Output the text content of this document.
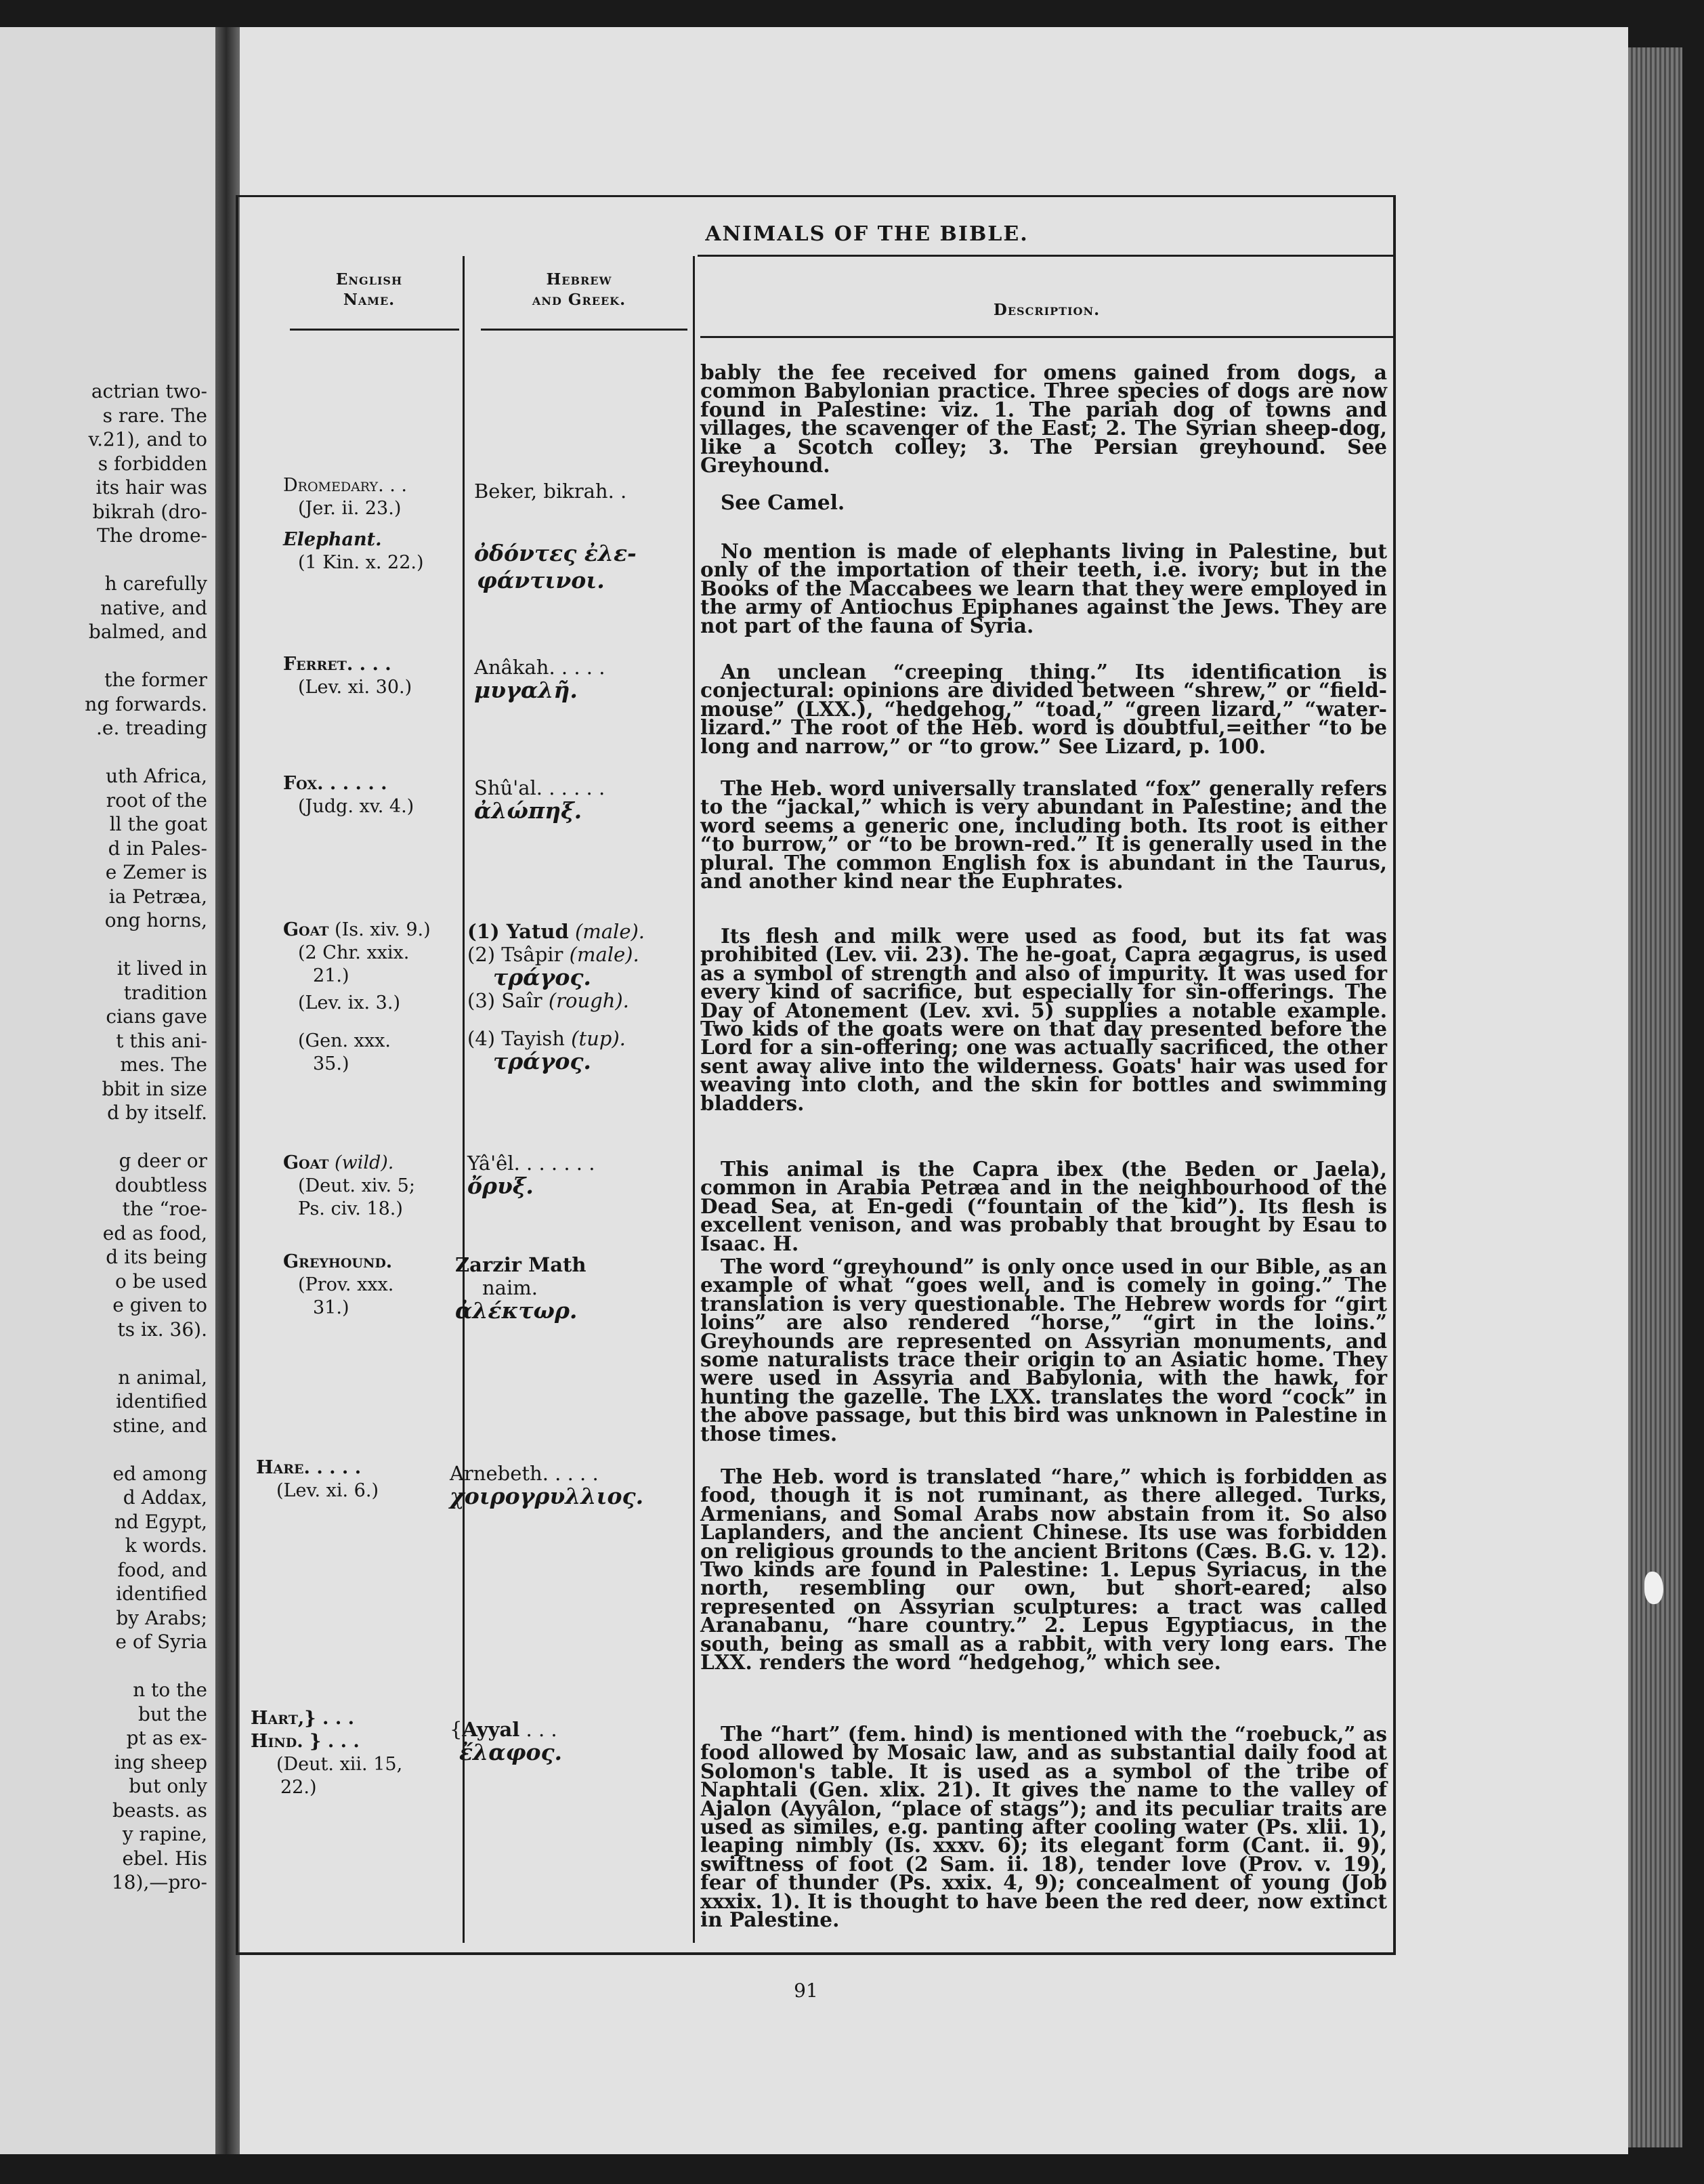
actrian two-
s rare. The
v.21), and to
s forbidden
its hair was
bikrah (dro-
The drome-
h carefully
native, and
balmed, and
the former
ng forwards.
.e. treading
uth Africa,
root of the
ll the goat
d in Pales-
e Zemer is
ia Petræa,
ong horns,
it lived in
tradition
cians gave
t this ani-
mes. The
bbit in size
d by itself.
g deer or
doubtless
the “roe-
ed as food,
d its being
o be used
e given to
ts ix. 36).
n animal,
identified
stine, and
ed among
d Addax,
nd Egypt,
k words.
food, and
identified
by Arabs;
e of Syria
n to the
but the
pt as ex-
ing sheep
but only
beasts. as
y rapine,
ebel. His
18),—pro-
ANIMALS OF THE BIBLE.
English
Name.
Hebrew
and Greek.
Description.
Dromedary. . .
(Jer. ii. 23.)
Elephant.
(1 Kin. x. 22.)
Ferret. . . .
(Lev. xi. 30.)
Fox. . . . . .
(Judg. xv. 4.)
Goat (Is. xiv. 9.)
(2 Chr. xxix.
21.)
(Lev. ix. 3.)
(Gen. xxx.
35.)
Goat (wild).
(Deut. xiv. 5;
Ps. civ. 18.)
Greyhound.
(Prov. xxx.
31.)
Hare. . . . .
(Lev. xi. 6.)
Hart,} . . .
Hind. } . . .
(Deut. xii. 15,
22.)
Beker, bikrah. .
ὀδόντες ἐλε-
φάντινοι.
Anâkah. . . . .
μυγαλῆ.
Shû'al. . . . . .
ἀλώπηξ.
(1) Yatud (male).
(2) Tsâpir (male).
τράγος.
(3) Saîr (rough).
(4) Tayish (tup).
τράγος.
Yâ'êl. . . . . . .
ὄρυξ.
Zarzir Math
naim.
ἀλέκτωρ.
Arnebeth. . . . .
χοιρογρυλλιος.
{Ayyal . . .
ἔλαφος.

bably the fee received for omens gained from dogs, a common Babylonian practice. Three species of dogs are now found in Palestine: viz. 1. The pariah dog of towns and villages, the scavenger of the East; 2. The Syrian sheep-dog, like a Scotch colley; 3. The Persian greyhound. See Greyhound.

See Camel.

No mention is made of elephants living in Palestine, but only of the importation of their teeth, i.e. ivory; but in the Books of the Maccabees we learn that they were employed in the army of Antiochus Epiphanes against the Jews. They are not part of the fauna of Syria.

An unclean “creeping thing.” Its identification is conjectural: opinions are divided between “shrew,” or “field-mouse” (LXX.), “hedgehog,” “toad,” “green lizard,” “water-lizard.” The root of the Heb. word is doubtful,=either “to be long and narrow,” or “to grow.” See Lizard, p. 100.

The Heb. word universally translated “fox” generally refers to the “jackal,” which is very abundant in Palestine; and the word seems a generic one, including both. Its root is either “to burrow,” or “to be brown-red.” It is generally used in the plural. The common English fox is abundant in the Taurus, and another kind near the Euphrates.

Its flesh and milk were used as food, but its fat was prohibited (Lev. vii. 23). The he-goat, Capra ægagrus, is used as a symbol of strength and also of impurity. It was used for every kind of sacrifice, but especially for sin-offerings. The Day of Atonement (Lev. xvi. 5) supplies a notable example. Two kids of the goats were on that day presented before the Lord for a sin-offering; one was actually sacrificed, the other sent away alive into the wilderness. Goats' hair was used for weaving into cloth, and the skin for bottles and swimming bladders.

This animal is the Capra ibex (the Beden or Jaela), common in Arabia Petræa and in the neighbourhood of the Dead Sea, at En-gedi (“fountain of the kid”). Its flesh is excellent venison, and was probably that brought by Esau to Isaac. H.

The word “greyhound” is only once used in our Bible, as an example of what “goes well, and is comely in going.” The translation is very questionable. The Hebrew words for “girt loins” are also rendered “horse,” “girt in the loins.” Greyhounds are represented on Assyrian monuments, and some naturalists trace their origin to an Asiatic home. They were used in Assyria and Babylonia, with the hawk, for hunting the gazelle. The LXX. translates the word “cock” in the above passage, but this bird was unknown in Palestine in those times.

The Heb. word is translated “hare,” which is forbidden as food, though it is not ruminant, as there alleged. Turks, Armenians, and Somal Arabs now abstain from it. So also Laplanders, and the ancient Chinese. Its use was forbidden on religious grounds to the ancient Britons (Cæs. B.G. v. 12). Two kinds are found in Palestine: 1. Lepus Syriacus, in the north, resembling our own, but short-eared; also represented on Assyrian sculptures: a tract was called Aranabanu, “hare country.” 2. Lepus Egyptiacus, in the south, being as small as a rabbit, with very long ears. The LXX. renders the word “hedgehog,” which see.

The “hart” (fem. hind) is mentioned with the “roebuck,” as food allowed by Mosaic law, and as substantial daily food at Solomon's table. It is used as a symbol of the tribe of Naphtali (Gen. xlix. 21). It gives the name to the valley of Ajalon (Ayyâlon, “place of stags”); and its peculiar traits are used as similes, e.g. panting after cooling water (Ps. xlii. 1), leaping nimbly (Is. xxxv. 6); its elegant form (Cant. ii. 9), swiftness of foot (2 Sam. ii. 18), tender love (Prov. v. 19), fear of thunder (Ps. xxix. 4, 9); concealment of young (Job xxxix. 1). It is thought to have been the red deer, now extinct in Palestine.

91
